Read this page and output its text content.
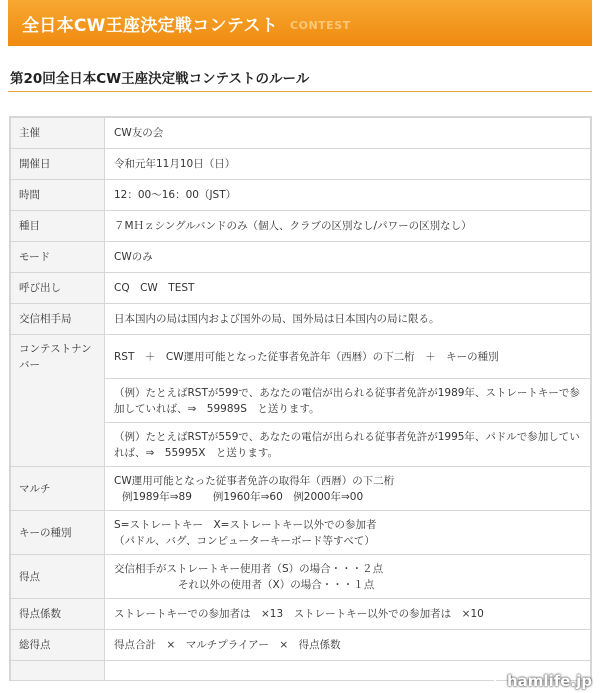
全日本CW王座決定戦コンテスト CONTEST
第20回全日本CW王座決定戦コンテストのルール
主催	CW友の会
開催日	令和元年11月10日（日）
時間	12：00〜16：00（JST）
種目	７MＨｚシングルバンドのみ（個人、クラブの区別なし/パワーの区別なし）
モード	CWのみ
呼び出し	CQ　CW　TEST
交信相手局	日本国内の局は国内および国外の局、国外局は日本国内の局に限る。
コンテストナンバー	RST　＋　CW運用可能となった従事者免許年（西暦）の下二桁　＋　キーの種別
	（例）たとえばRSTが599で、あなたの電信が出られる従事者免許が1989年、ストレートキーで参加していれば、⇒　59989S　と送ります。
	（例）たとえばRSTが559で、あなたの電信が出られる従事者免許が1995年、パドルで参加していれば、⇒　55995X　と送ります。
マルチ	CW運用可能となった従事者免許の取得年（西暦）の下二桁
例1989年⇒89　　例1960年⇒60　例2000年⇒00

キーの種別	S=ストレートキー　X=ストレートキー以外での参加者
（パドル、バグ、コンピューターキーボード等すべて）

得点	交信相手がストレートキー使用者（S）の場合・・・２点
それ以外の使用者（X）の場合・・・１点

得点係数	ストレートキーでの参加者は　×13　ストレートキー以外での参加者は　×10
総得点	得点合計　×　マルチプライアー　×　得点係数

hamlife.jp
